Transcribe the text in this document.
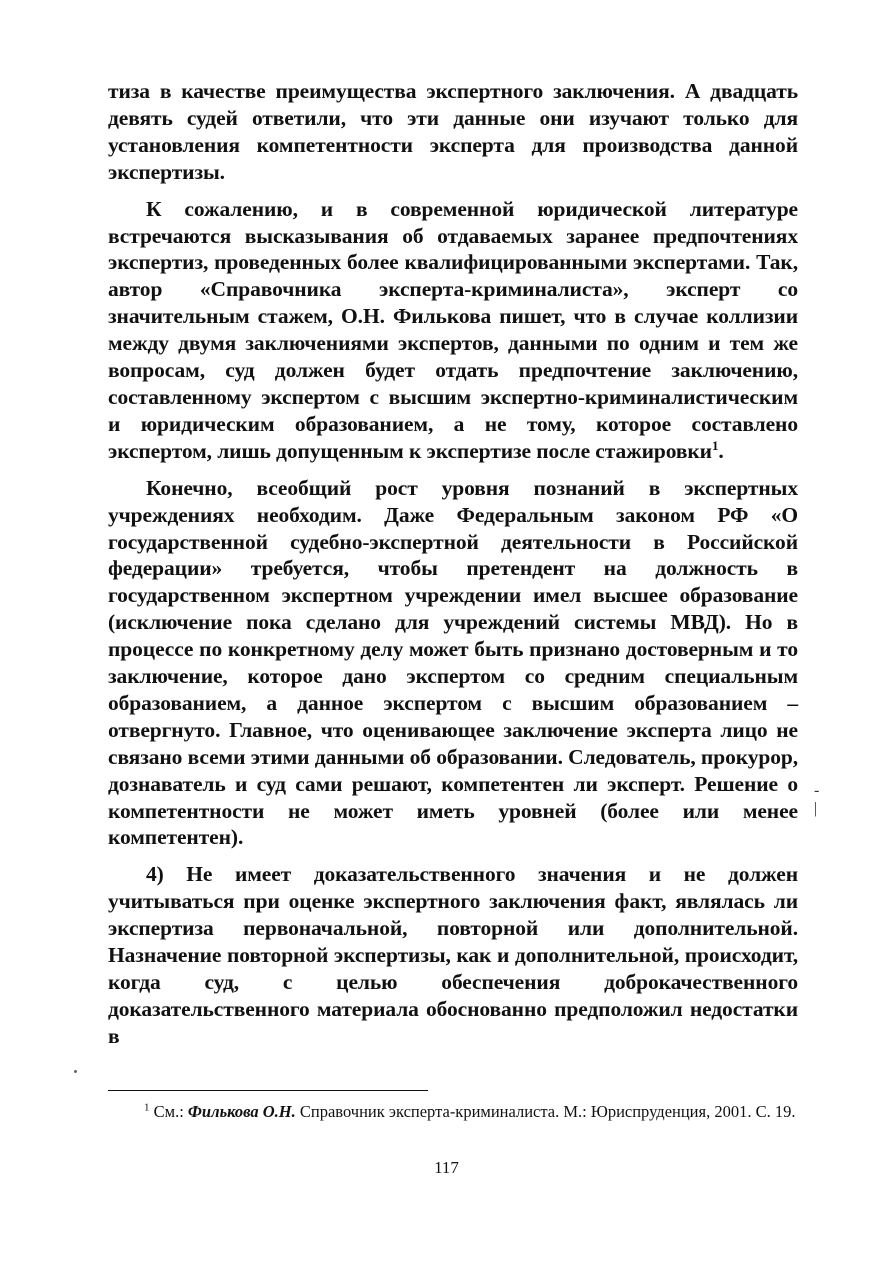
тиза в качестве преимущества экспертного заключения. А двадцать девять судей ответили, что эти данные они изучают только для установления компетентности эксперта для производства данной экспертизы.

К сожалению, и в современной юридической литературе встречаются высказывания об отдаваемых заранее предпочтениях экспертиз, проведенных более квалифицированными экспертами. Так, автор «Справочника эксперта-криминалиста», эксперт со значительным стажем, О.Н. Филькова пишет, что в случае коллизии между двумя заключениями экспертов, данными по одним и тем же вопросам, суд должен будет отдать предпочтение заключению, составленному экспертом с высшим экспертно-криминалистическим и юридическим образованием, а не тому, которое составлено экспертом, лишь допущенным к экспертизе после стажировки$^1$.

Конечно, всеобщий рост уровня познаний в экспертных учреждениях необходим. Даже Федеральным законом РФ «О государственной судебно-экспертной деятельности в Российской федерации» требуется, чтобы претендент на должность в государственном экспертном учреждении имел высшее образование (исключение пока сделано для учреждений системы МВД). Но в процессе по конкретному делу может быть признано достоверным и то заключение, которое дано экспертом со средним специальным образованием, а данное экспертом с высшим образованием – отвергнуто. Главное, что оценивающее заключение эксперта лицо не связано всеми этими данными об образовании. Следователь, прокурор, дознаватель и суд сами решают, компетентен ли эксперт. Решение о компетентности не может иметь уровней (более или менее компетентен).

4) Не имеет доказательственного значения и не должен учитываться при оценке экспертного заключения факт, являлась ли экспертиза первоначальной, повторной или дополнительной. Назначение повторной экспертизы, как и дополнительной, происходит, когда суд, с целью обеспечения доброкачественного доказательственного материала обоснованно предположил недостатки в

-
|
$^1$ См.: Филькова О.Н. Справочник эксперта-криминалиста. М.: Юриспруденция, 2001. С. 19.
117
